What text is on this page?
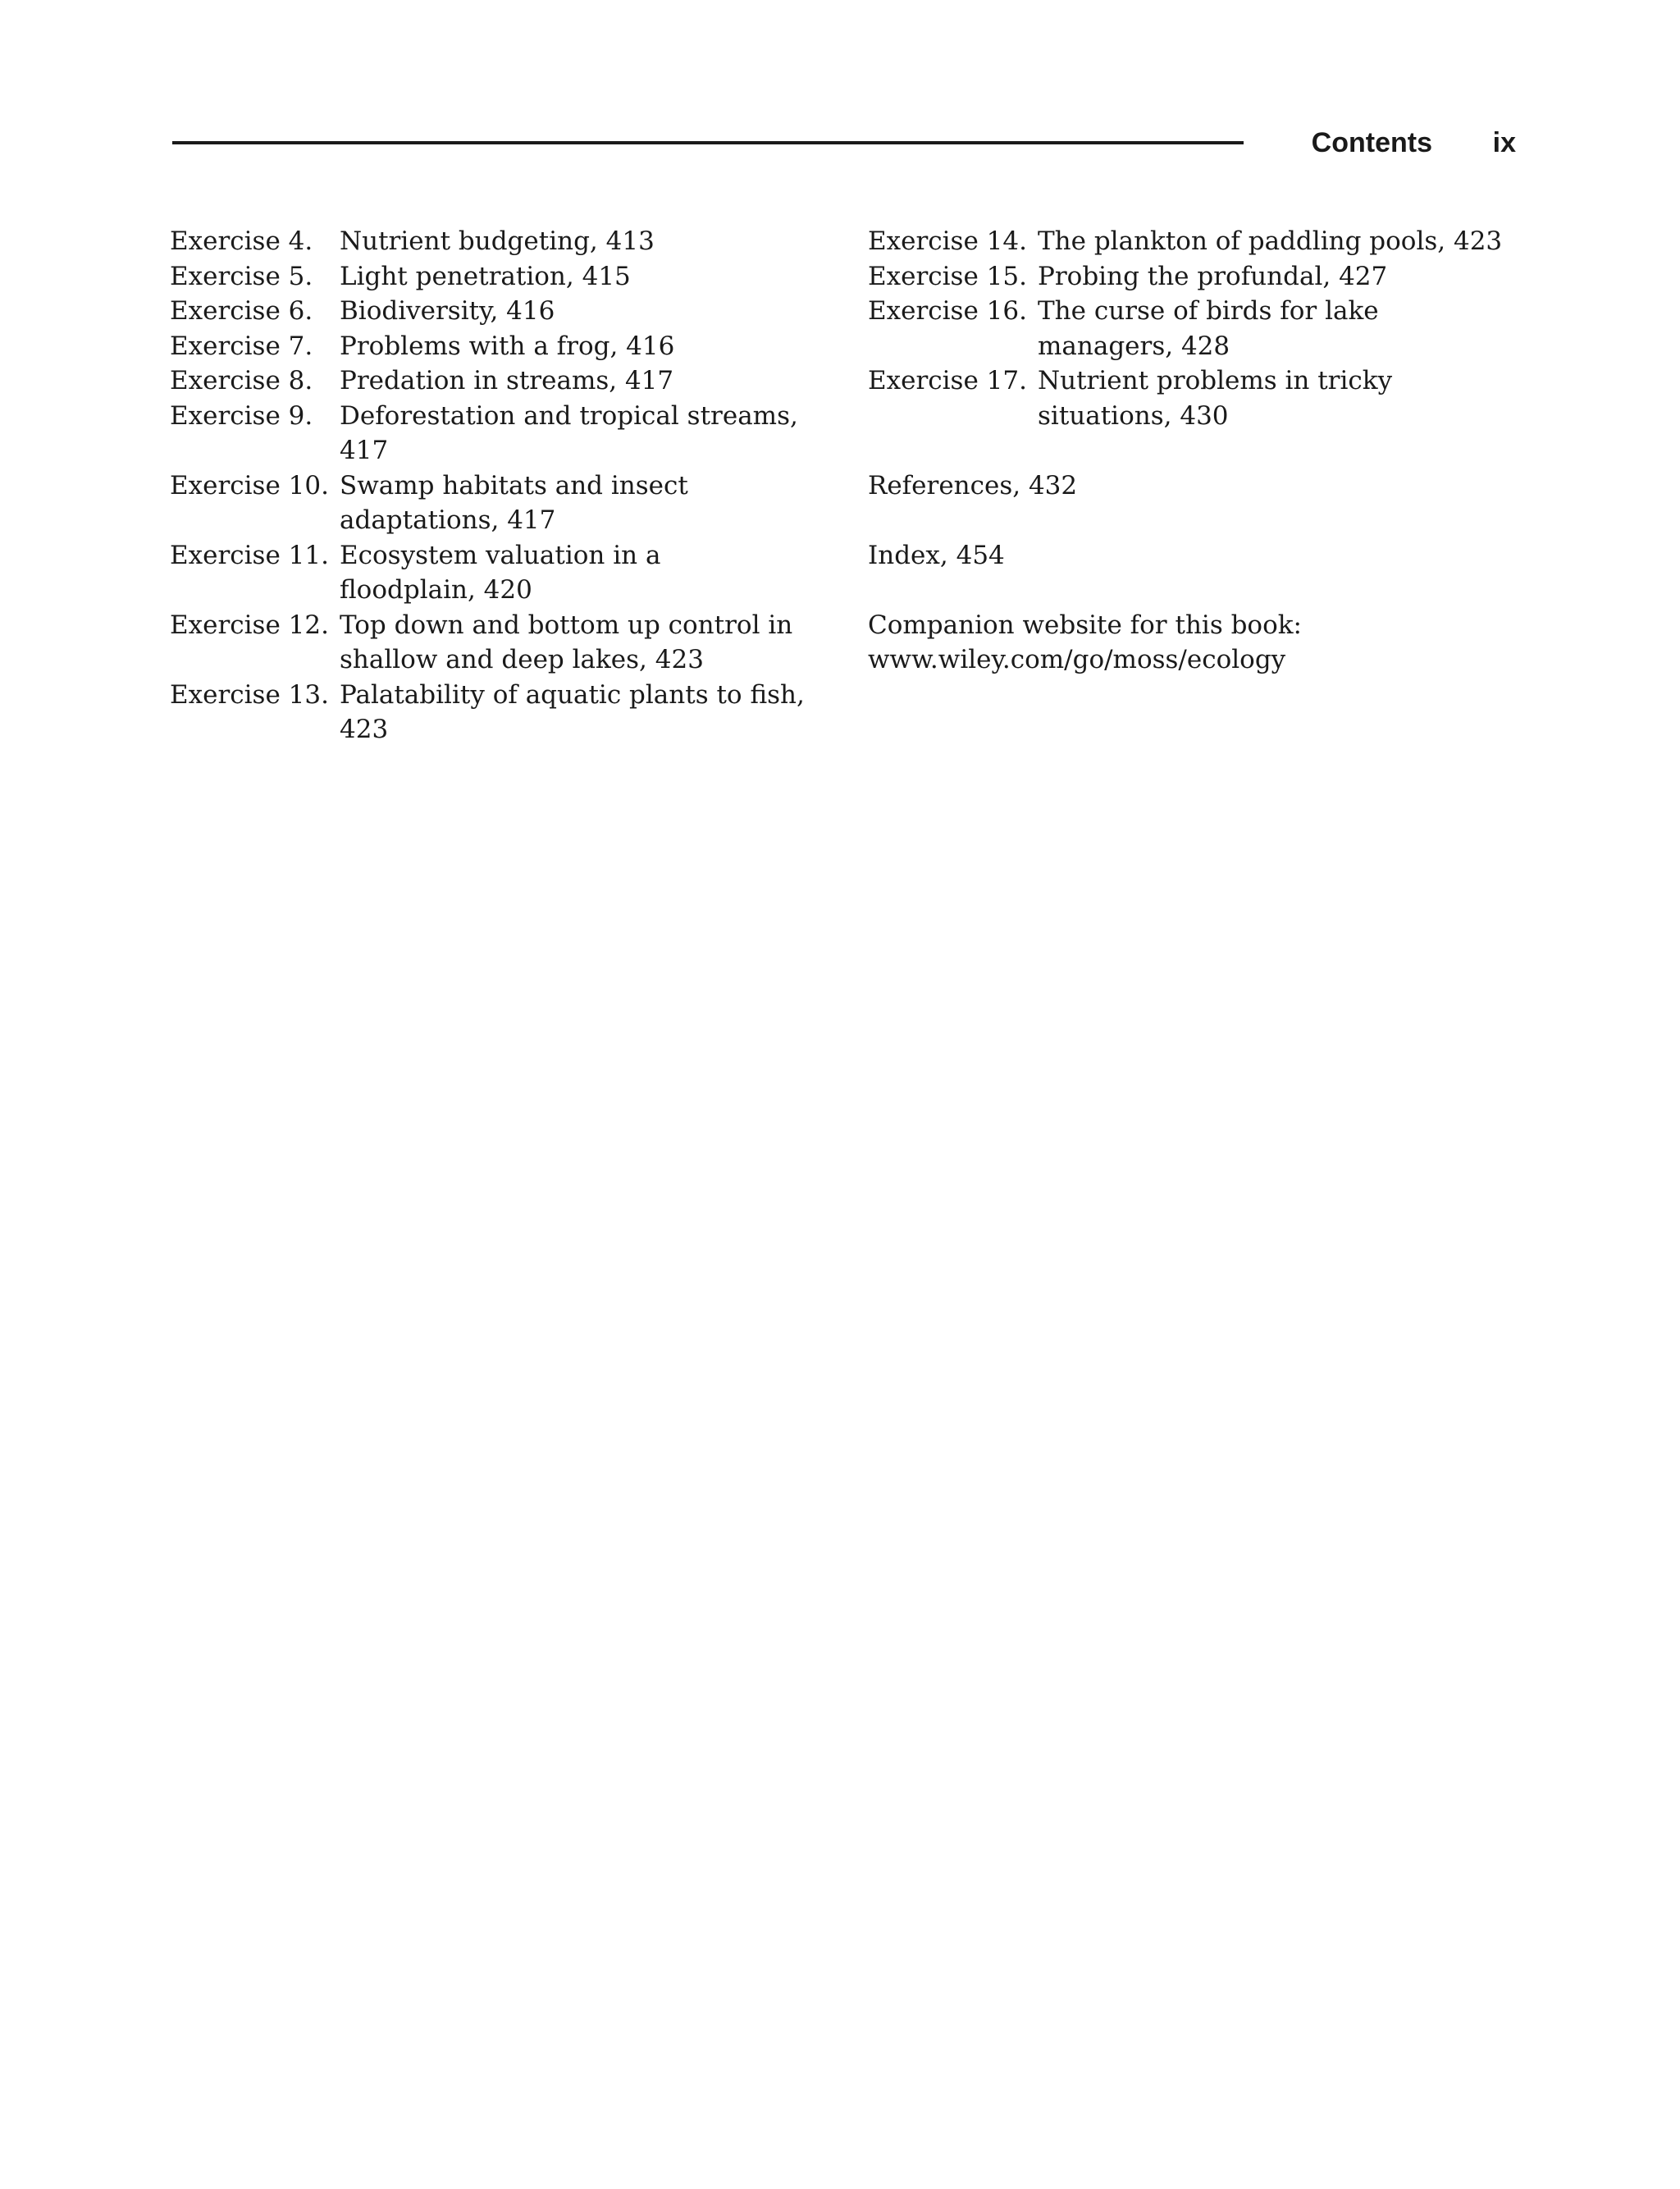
Contents ix
Exercise 4.	Nutrient budgeting, 413
Exercise 5.	Light penetration, 415
Exercise 6.	Biodiversity, 416
Exercise 7.	Problems with a frog, 416
Exercise 8.	Predation in streams, 417
Exercise 9.	Deforestation and tropical streams, 417
Exercise 10. Swamp habitats and insect
adaptations, 417
Exercise 11. Ecosystem valuation in a
floodplain, 420
Exercise 12. Top down and bottom up control in
shallow and deep lakes, 423
Exercise 13. Palatability of aquatic plants to fish, 423
Exercise 14. The plankton of paddling pools, 423
Exercise 15. Probing the profundal, 427
Exercise 16. The curse of birds for lake
managers, 428
Exercise 17. Nutrient problems in tricky
situations, 430
References, 432
Index, 454
Companion website for this book:
www.wiley.com/go/moss/ecology
